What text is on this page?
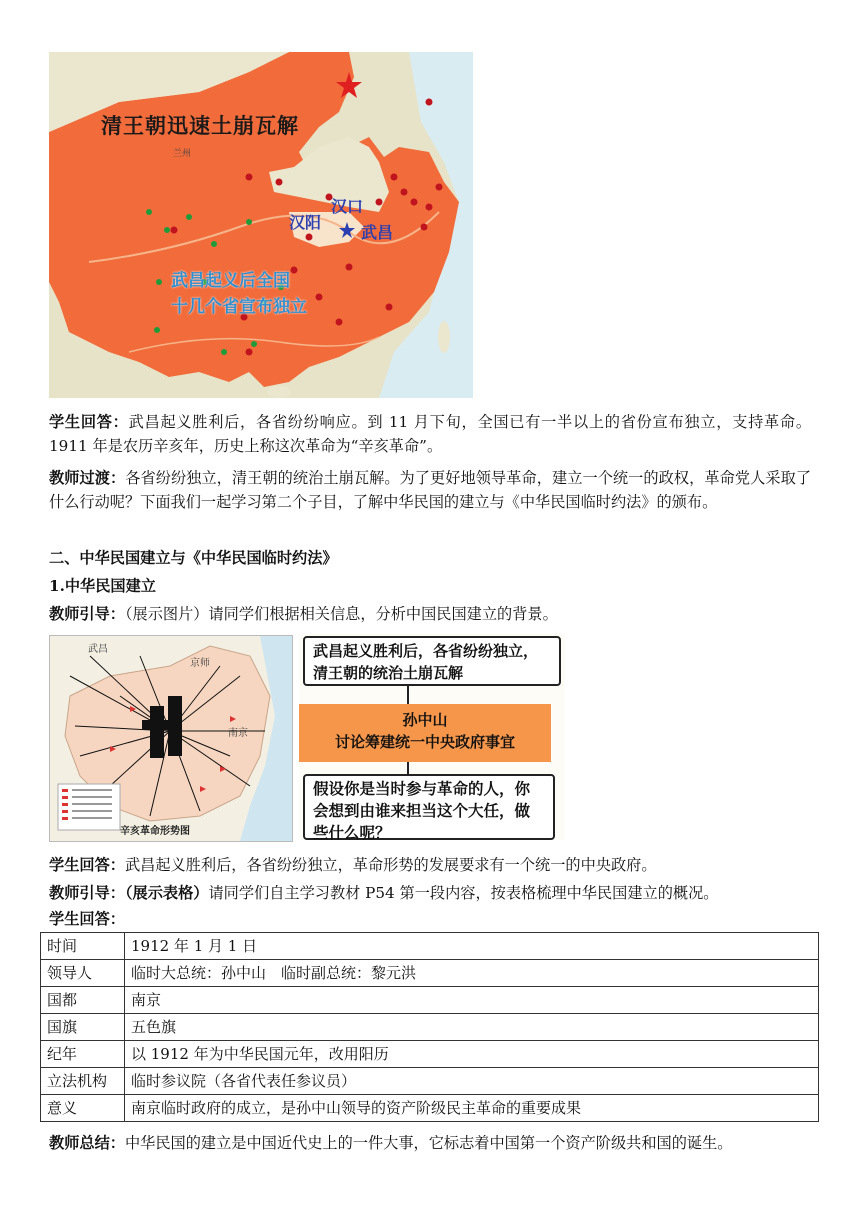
清王朝迅速土崩瓦解
兰州
汉口
汉阳
武昌
武昌起义后全国
十几个省宣布独立
学生回答：武昌起义胜利后，各省纷纷响应。到 11 月下旬，全国已有一半以上的省份宣布独立，支持革命。1911 年是农历辛亥年，历史上称这次革命为“辛亥革命”。
教师过渡：各省纷纷独立，清王朝的统治土崩瓦解。为了更好地领导革命，建立一个统一的政权，革命党人采取了什么行动呢？下面我们一起学习第二个子目，了解中华民国的建立与《中华民国临时约法》的颁布。
二、中华民国建立与《中华民国临时约法》
1.中华民国建立
教师引导：（展示图片）请同学们根据相关信息，分析中国民国建立的背景。
武昌
京师
南京
辛亥革命形势图
武昌起义胜利后，各省纷纷独立，清王朝的统治土崩瓦解
孙中山
讨论筹建统一中央政府事宜
假设你是当时参与革命的人，你会想到由谁来担当这个大任，做些什么呢？
学生回答：武昌起义胜利后，各省纷纷独立，革命形势的发展要求有一个统一的中央政府。
教师引导：（展示表格）请同学们自主学习教材 P54 第一段内容，按表格梳理中华民国建立的概况。
学生回答：
时间	1912 年 1 月 1 日
领导人	临时大总统：孙中山　临时副总统：黎元洪
国都	南京
国旗	五色旗
纪年	以 1912 年为中华民国元年，改用阳历
立法机构	临时参议院（各省代表任参议员）
意义	南京临时政府的成立，是孙中山领导的资产阶级民主革命的重要成果
教师总结：中华民国的建立是中国近代史上的一件大事，它标志着中国第一个资产阶级共和国的诞生。
